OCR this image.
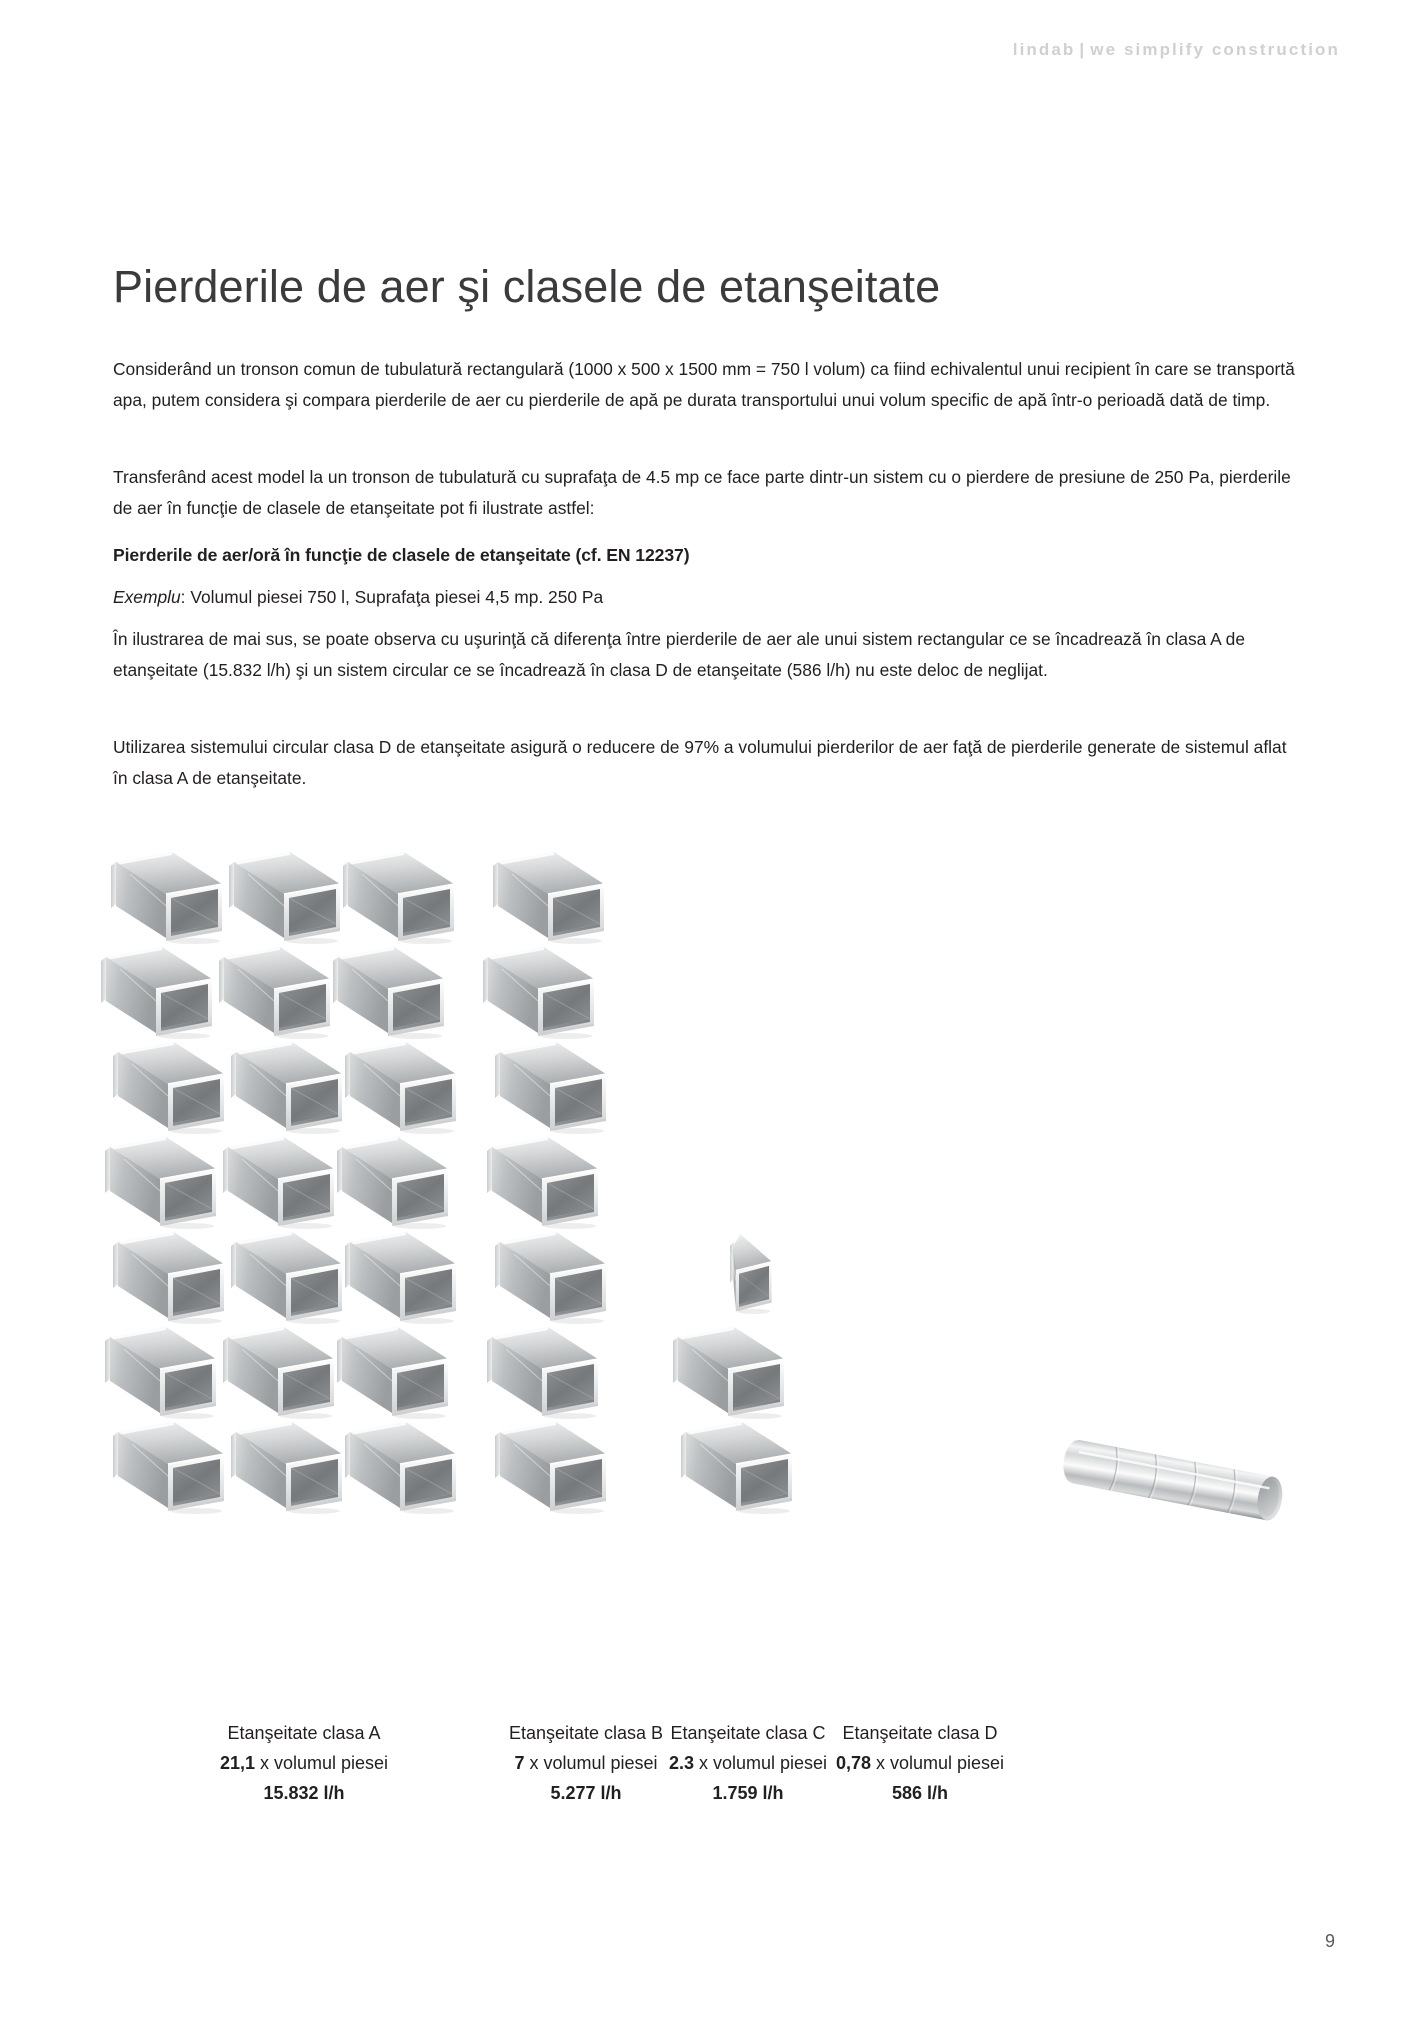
lindab | we simplify construction
Pierderile de aer şi clasele de etanşeitate

Considerând un tronson comun de tubulatură rectangulară (1000 x 500 x 1500 mm = 750 l volum) ca fiind echivalentul unui recipient în care se transportă apa, putem considera şi compara pierderile de aer cu pierderile de apă pe durata transportului unui volum specific de apă într-o perioadă dată de timp.

Transferând acest model la un tronson de tubulatură cu suprafaţa de 4.5 mp ce face parte dintr-un sistem cu o pierdere de presiune de 250 Pa, pierderile de aer în funcţie de clasele de etanşeitate pot fi ilustrate astfel:

Pierderile de aer/oră în funcţie de clasele de etanşeitate (cf. EN 12237)

Exemplu: Volumul piesei 750 l, Suprafaţa piesei 4,5 mp. 250 Pa

În ilustrarea de mai sus, se poate observa cu uşurinţă că diferenţa între pierderile de aer ale unui sistem rectangular ce se încadrează în clasa A de etanşeitate (15.832 l/h) şi un sistem circular ce se încadrează în clasa D de etanşeitate (586 l/h) nu este deloc de neglijat.

Utilizarea sistemului circular clasa D de etanşeitate asigură o reducere de 97% a volumului pierderilor de aer faţă de pierderile generate de sistemul aflat în clasa A de etanşeitate.

Etanşeitate clasa A
21,1 x volumul piesei
15.832 l/h
Etanşeitate clasa B
7 x volumul piesei
5.277 l/h
Etanşeitate clasa C
2.3 x volumul piesei
1.759 l/h
Etanşeitate clasa D
0,78 x volumul piesei
586 l/h
9
